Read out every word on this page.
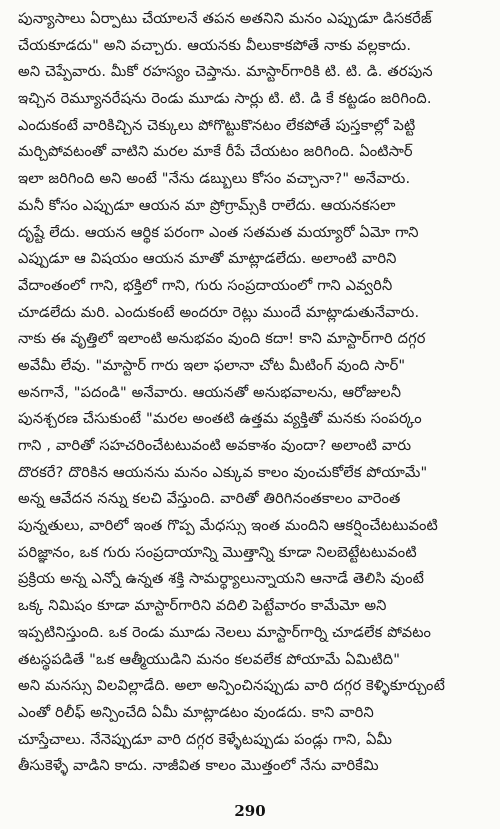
పున్యాసాలు ఏర్పాటు చేయాలనే తపన అతనిని మనం ఎప్పుడూ డిసకరేజ్
చేయకూడదు" అని వచ్చారు. ఆయనకు వీలుకాకపోతే నాకు వల్లకాదు.
అని చెప్పేవారు. మీకో రహస్యం చెప్తాను. మాస్టార్‌గారికి టి. టి. డి. తరపున
ఇచ్చిన రెమ్యూనరేషను రెండు మూడు సార్లు టి. టి. డి కే కట్టడం జరిగింది.
ఎందుకంటే వారికిచ్చిన చెక్కులు పోగొట్టుకొనటం లేకపోతే పుస్తకాల్లో పెట్టి
మర్చిపోవటంతో వాటిని మరల మాకే రీపే చేయటం జరిగింది. ఏంటిసార్
ఇలా జరిగింది అని అంటే "నేను డబ్బులు కోసం వచ్చానా?" అనేవారు.
మనీ కోసం ఎప్పుడూ ఆయన మా ప్రోగ్రామ్స్‌కి రాలేదు. ఆయనకసలా
దృష్టే లేదు. ఆయన ఆర్థిక పరంగా ఎంత సతమత మయ్యారో ఏమో గాని
ఎప్పుడూ ఆ విషయం ఆయన మాతో మాట్లాడలేదు. అలాంటి వారిని
వేదాంతంలో గాని, భక్తిలో గాని, గురు సంప్రదాయంలో గాని ఎవ్వరినీ
చూడలేదు మరి. ఎందుకంటే అందరూ రెట్లు ముందే మాట్లాడుతునేవారు.
నాకు ఈ వృత్తిలో ఇలాంటి అనుభవం వుంది కదా! కాని మాస్టార్‌గారి దగ్గర
అవేమీ లేవు. "మాస్టార్ గారు ఇలా ఫలానా చోట మీటింగ్ వుంది సార్"
అనగానే, "పదండి" అనేవారు. ఆయనతో అనుభవాలను, ఆరోజులనీ
పునశ్చరణ చేసుకుంటే "మరల అంతటి ఉత్తమ వ్యక్తితో మనకు సంపర్కం
గాని , వారితో సహచరించేటటువంటి అవకాశం వుందా? అలాంటి వారు
దొరకరే? దొరికిన ఆయనను మనం ఎక్కువ కాలం వుంచుకోలేక పోయామే"
అన్న ఆవేదన నన్ను కలచి వేస్తుంది. వారితో తిరిగినంతకాలం వారెంత
పున్నతులు, వారిలో ఇంత గొప్ప మేధస్సు ఇంత మందిని ఆకర్షించేటటువంటి
పరిజ్ఞానం, ఒక గురు సంప్రదాయాన్ని మొత్తాన్ని కూడా నిలబెట్టేటటువంటి
ప్రక్రియ అన్న ఎన్నో ఉన్నత శక్తి సామర్థ్యాలున్నాయని ఆనాడే తెలిసి వుంటే
ఒక్క నిమిషం కూడా మాస్టార్‌గారిని వదిలి పెట్టేవారం కామేమో అని
ఇప్పటినిస్తుంది. ఒక రెండు మూడు నెలలు మాస్టార్‌గార్ని చూడలేక పోవటం
తటస్థపడితే "ఒక ఆత్మీయుడిని మనం కలవలేక పోయామే ఏమిటిది"
అని మనస్సు విలవిల్లాడేది. అలా అన్పించినప్పుడు వారి దగ్గర కెళ్ళికూర్చుంటే
ఎంతో రిలీఫ్ అన్పించేది ఏమీ మాట్లాడటం వుండదు. కాని వారిని
చూస్తేచాలు. నేనెప్పుడూ వారి దగ్గర కెళ్ళేటప్పుడు పండ్లు గాని, ఏమీ
తీసుకెళ్ళే వాడిని కాదు. నాజీవిత కాలం మొత్తంలో నేను వారికేమి
290
